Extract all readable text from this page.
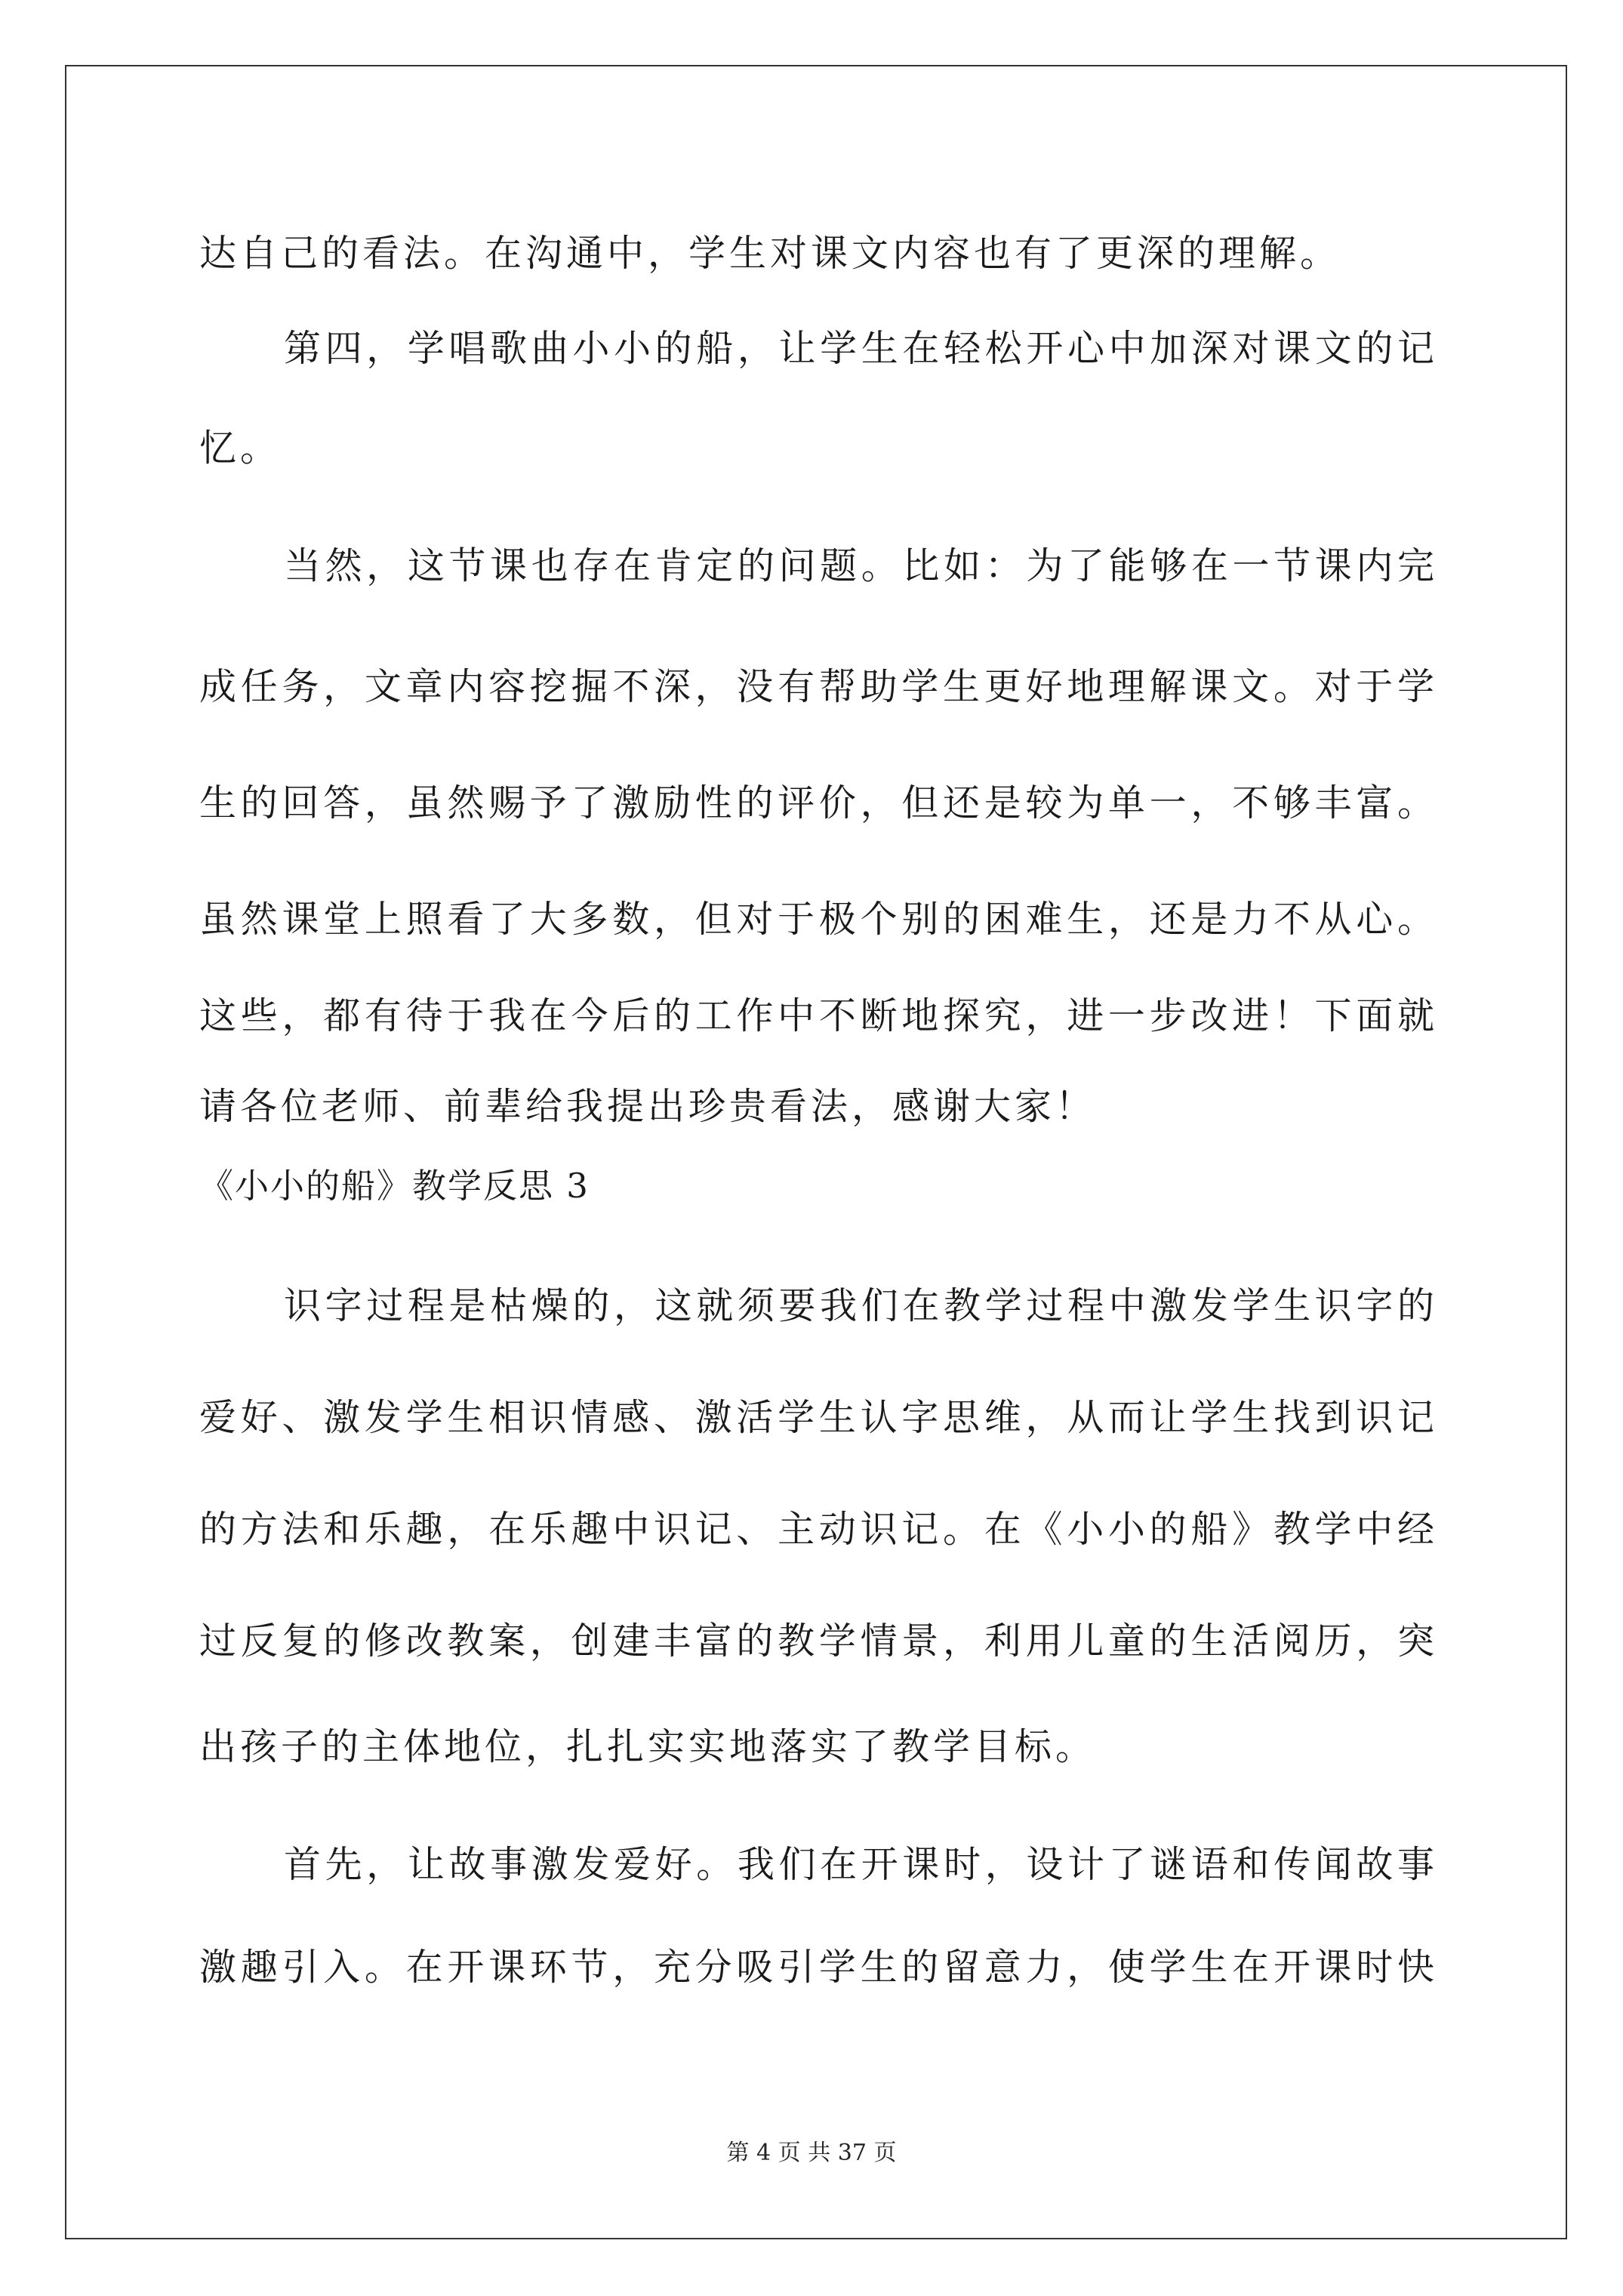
达自己的看法。在沟通中，学生对课文内容也有了更深的理解。
第四，学唱歌曲小小的船，让学生在轻松开心中加深对课文的记
忆。
当然，这节课也存在肯定的问题。比如：为了能够在一节课内完
成任务，文章内容挖掘不深，没有帮助学生更好地理解课文。对于学
生的回答，虽然赐予了激励性的评价，但还是较为单一，不够丰富。
虽然课堂上照看了大多数，但对于极个别的困难生，还是力不从心。
这些，都有待于我在今后的工作中不断地探究，进一步改进！下面就
请各位老师、前辈给我提出珍贵看法，感谢大家！
《小小的船》教学反思 3
识字过程是枯燥的，这就须要我们在教学过程中激发学生识字的
爱好、激发学生相识情感、激活学生认字思维，从而让学生找到识记
的方法和乐趣，在乐趣中识记、主动识记。在《小小的船》教学中经
过反复的修改教案，创建丰富的教学情景，利用儿童的生活阅历，突
出孩子的主体地位，扎扎实实地落实了教学目标。
首先，让故事激发爱好。我们在开课时，设计了谜语和传闻故事
激趣引入。在开课环节，充分吸引学生的留意力，使学生在开课时快
第 4 页 共 37 页
